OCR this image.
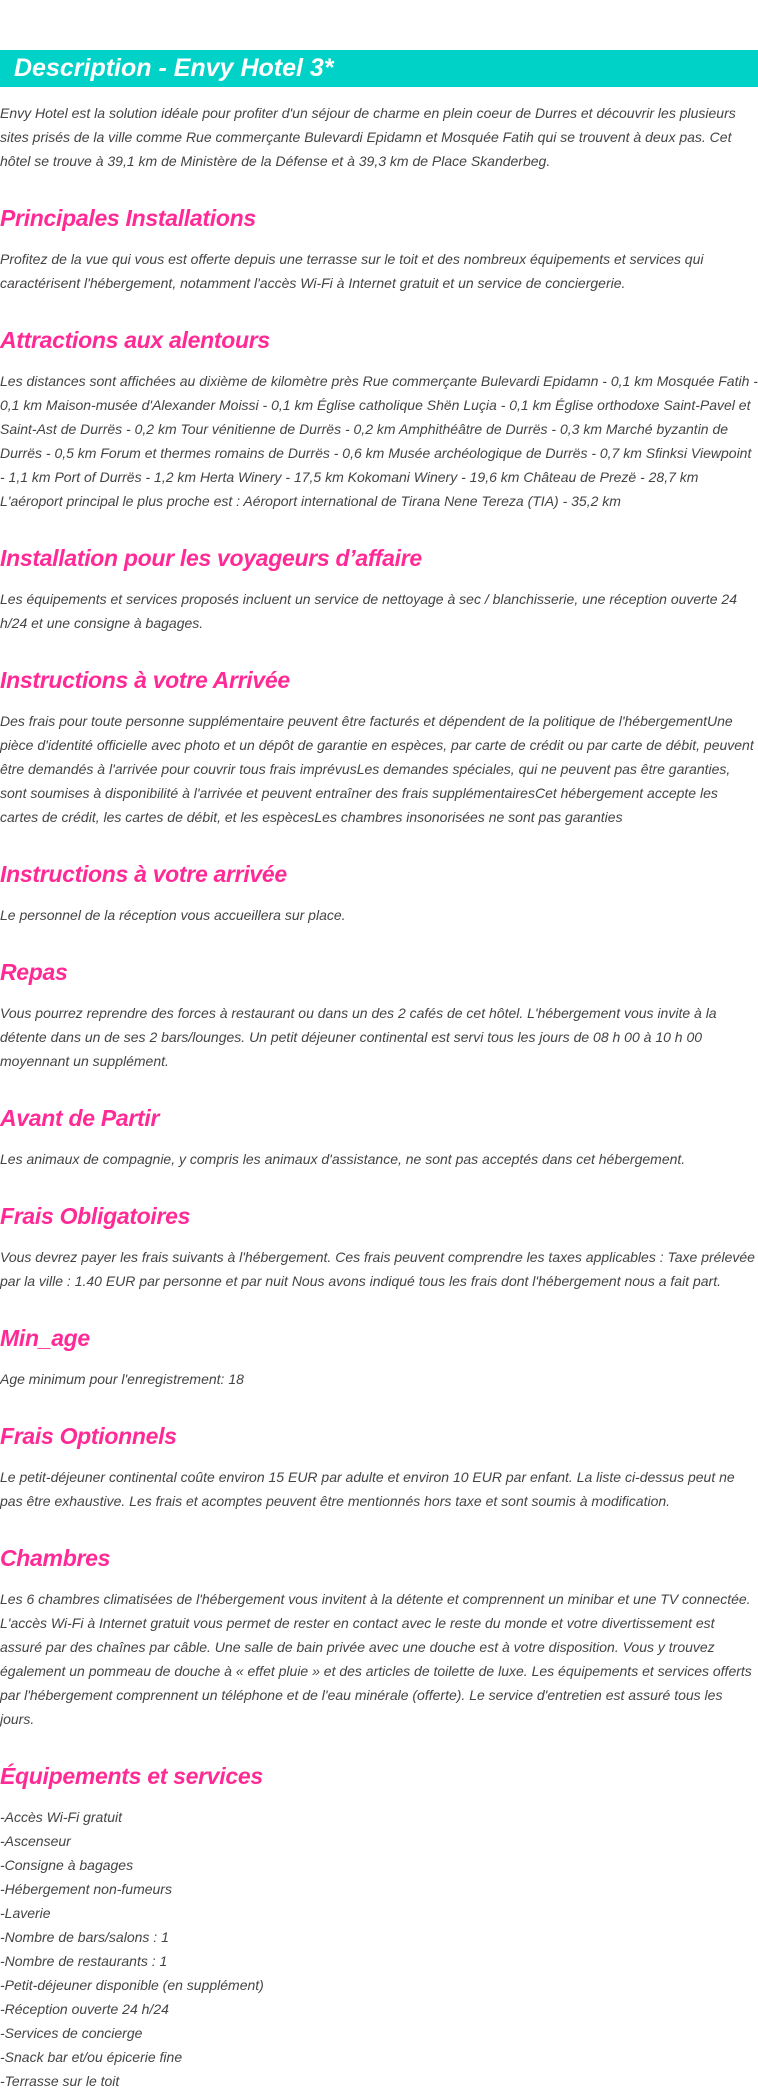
Description - Envy Hotel 3*

Envy Hotel est la solution idéale pour profiter d'un séjour de charme en plein coeur de Durres et découvrir les plusieurs sites prisés de la ville comme Rue commerçante Bulevardi Epidamn et Mosquée Fatih qui se trouvent à deux pas. Cet hôtel se trouve à 39,1 km de Ministère de la Défense et à 39,3 km de Place Skanderbeg.

Principales Installations

Profitez de la vue qui vous est offerte depuis une terrasse sur le toit et des nombreux équipements et services qui caractérisent l'hébergement, notamment l'accès Wi-Fi à Internet gratuit et un service de conciergerie.

Attractions aux alentours

Les distances sont affichées au dixième de kilomètre près Rue commerçante Bulevardi Epidamn - 0,1 km Mosquée Fatih - 0,1 km Maison-musée d'Alexander Moissi - 0,1 km Église catholique Shën Luçia - 0,1 km Église orthodoxe Saint-Pavel et Saint-Ast de Durrës - 0,2 km Tour vénitienne de Durrës - 0,2 km Amphithéâtre de Durrës - 0,3 km Marché byzantin de Durrës - 0,5 km Forum et thermes romains de Durrës - 0,6 km Musée archéologique de Durrës - 0,7 km Sfinksi Viewpoint - 1,1 km Port of Durrës - 1,2 km Herta Winery - 17,5 km Kokomani Winery - 19,6 km Château de Prezë - 28,7 km L'aéroport principal le plus proche est : Aéroport international de Tirana Nene Tereza (TIA) - 35,2 km

Installation pour les voyageurs d’affaire

Les équipements et services proposés incluent un service de nettoyage à sec / blanchisserie, une réception ouverte 24 h/24 et une consigne à bagages.

Instructions à votre Arrivée

Des frais pour toute personne supplémentaire peuvent être facturés et dépendent de la politique de l'hébergementUne pièce d'identité officielle avec photo et un dépôt de garantie en espèces, par carte de crédit ou par carte de débit, peuvent être demandés à l'arrivée pour couvrir tous frais imprévusLes demandes spéciales, qui ne peuvent pas être garanties, sont soumises à disponibilité à l'arrivée et peuvent entraîner des frais supplémentairesCet hébergement accepte les cartes de crédit, les cartes de débit, et les espècesLes chambres insonorisées ne sont pas garanties

Instructions à votre arrivée

Le personnel de la réception vous accueillera sur place.

Repas

Vous pourrez reprendre des forces à restaurant ou dans un des 2 cafés de cet hôtel. L'hébergement vous invite à la détente dans un de ses 2 bars/lounges. Un petit déjeuner continental est servi tous les jours de 08 h 00 à 10 h 00 moyennant un supplément.

Avant de Partir

Les animaux de compagnie, y compris les animaux d'assistance, ne sont pas acceptés dans cet hébergement.

Frais Obligatoires

Vous devrez payer les frais suivants à l'hébergement. Ces frais peuvent comprendre les taxes applicables : Taxe prélevée par la ville : 1.40 EUR par personne et par nuit Nous avons indiqué tous les frais dont l'hébergement nous a fait part.

Min_age

Age minimum pour l'enregistrement: 18

Frais Optionnels

Le petit-déjeuner continental coûte environ 15 EUR par adulte et environ 10 EUR par enfant. La liste ci-dessus peut ne pas être exhaustive. Les frais et acomptes peuvent être mentionnés hors taxe et sont soumis à modification.

Chambres

Les 6 chambres climatisées de l'hébergement vous invitent à la détente et comprennent un minibar et une TV connectée. L'accès Wi-Fi à Internet gratuit vous permet de rester en contact avec le reste du monde et votre divertissement est assuré par des chaînes par câble. Une salle de bain privée avec une douche est à votre disposition. Vous y trouvez également un pommeau de douche à « effet pluie » et des articles de toilette de luxe. Les équipements et services offerts par l'hébergement comprennent un téléphone et de l'eau minérale (offerte). Le service d'entretien est assuré tous les jours.

Équipements et services
-Accès Wi-Fi gratuit
-Ascenseur
-Consigne à bagages
-Hébergement non-fumeurs
-Laverie
-Nombre de bars/salons : 1
-Nombre de restaurants : 1
-Petit-déjeuner disponible (en supplément)
-Réception ouverte 24 h/24
-Services de concierge
-Snack bar et/ou épicerie fine
-Terrasse sur le toit
